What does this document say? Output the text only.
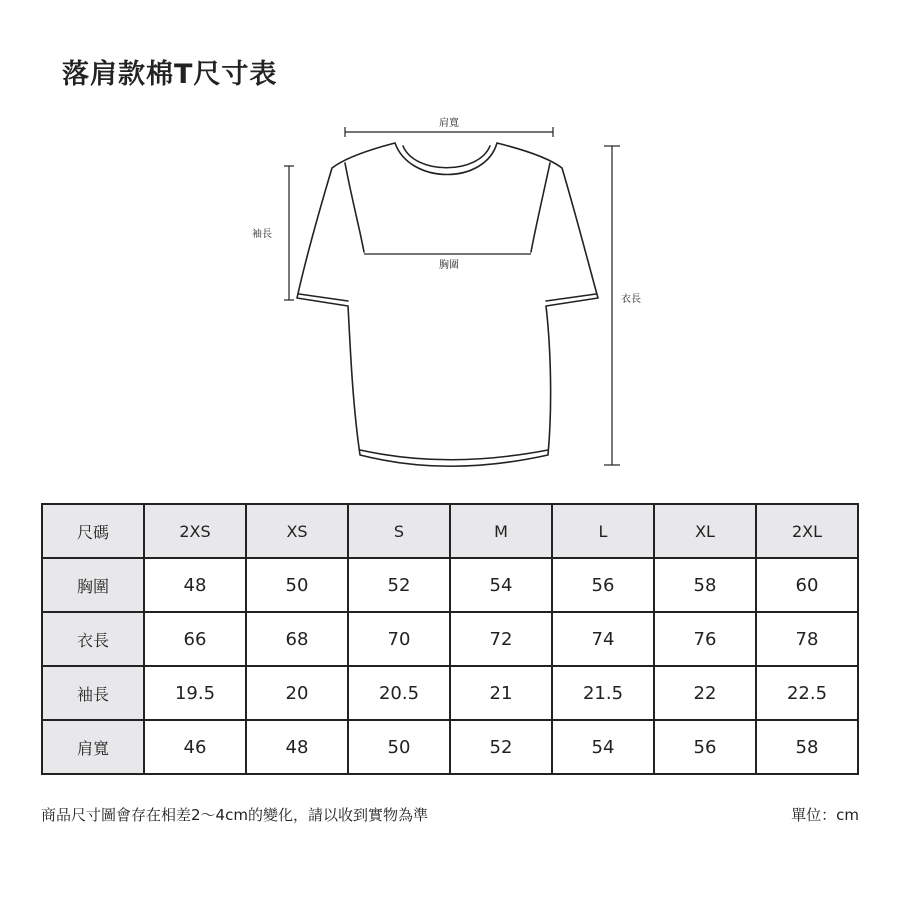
落肩款棉T尺寸表
肩寬
袖長
胸圍
衣長
尺碼	2XS	XS	S	M	L	XL	2XL
胸圍	48	50	52	54	56	58	60
衣長	66	68	70	72	74	76	78
袖長	19.5	20	20.5	21	21.5	22	22.5
肩寬	46	48	50	52	54	56	58
商品尺寸圖會存在相差2～4cm的變化，請以收到實物為準	單位：cm
